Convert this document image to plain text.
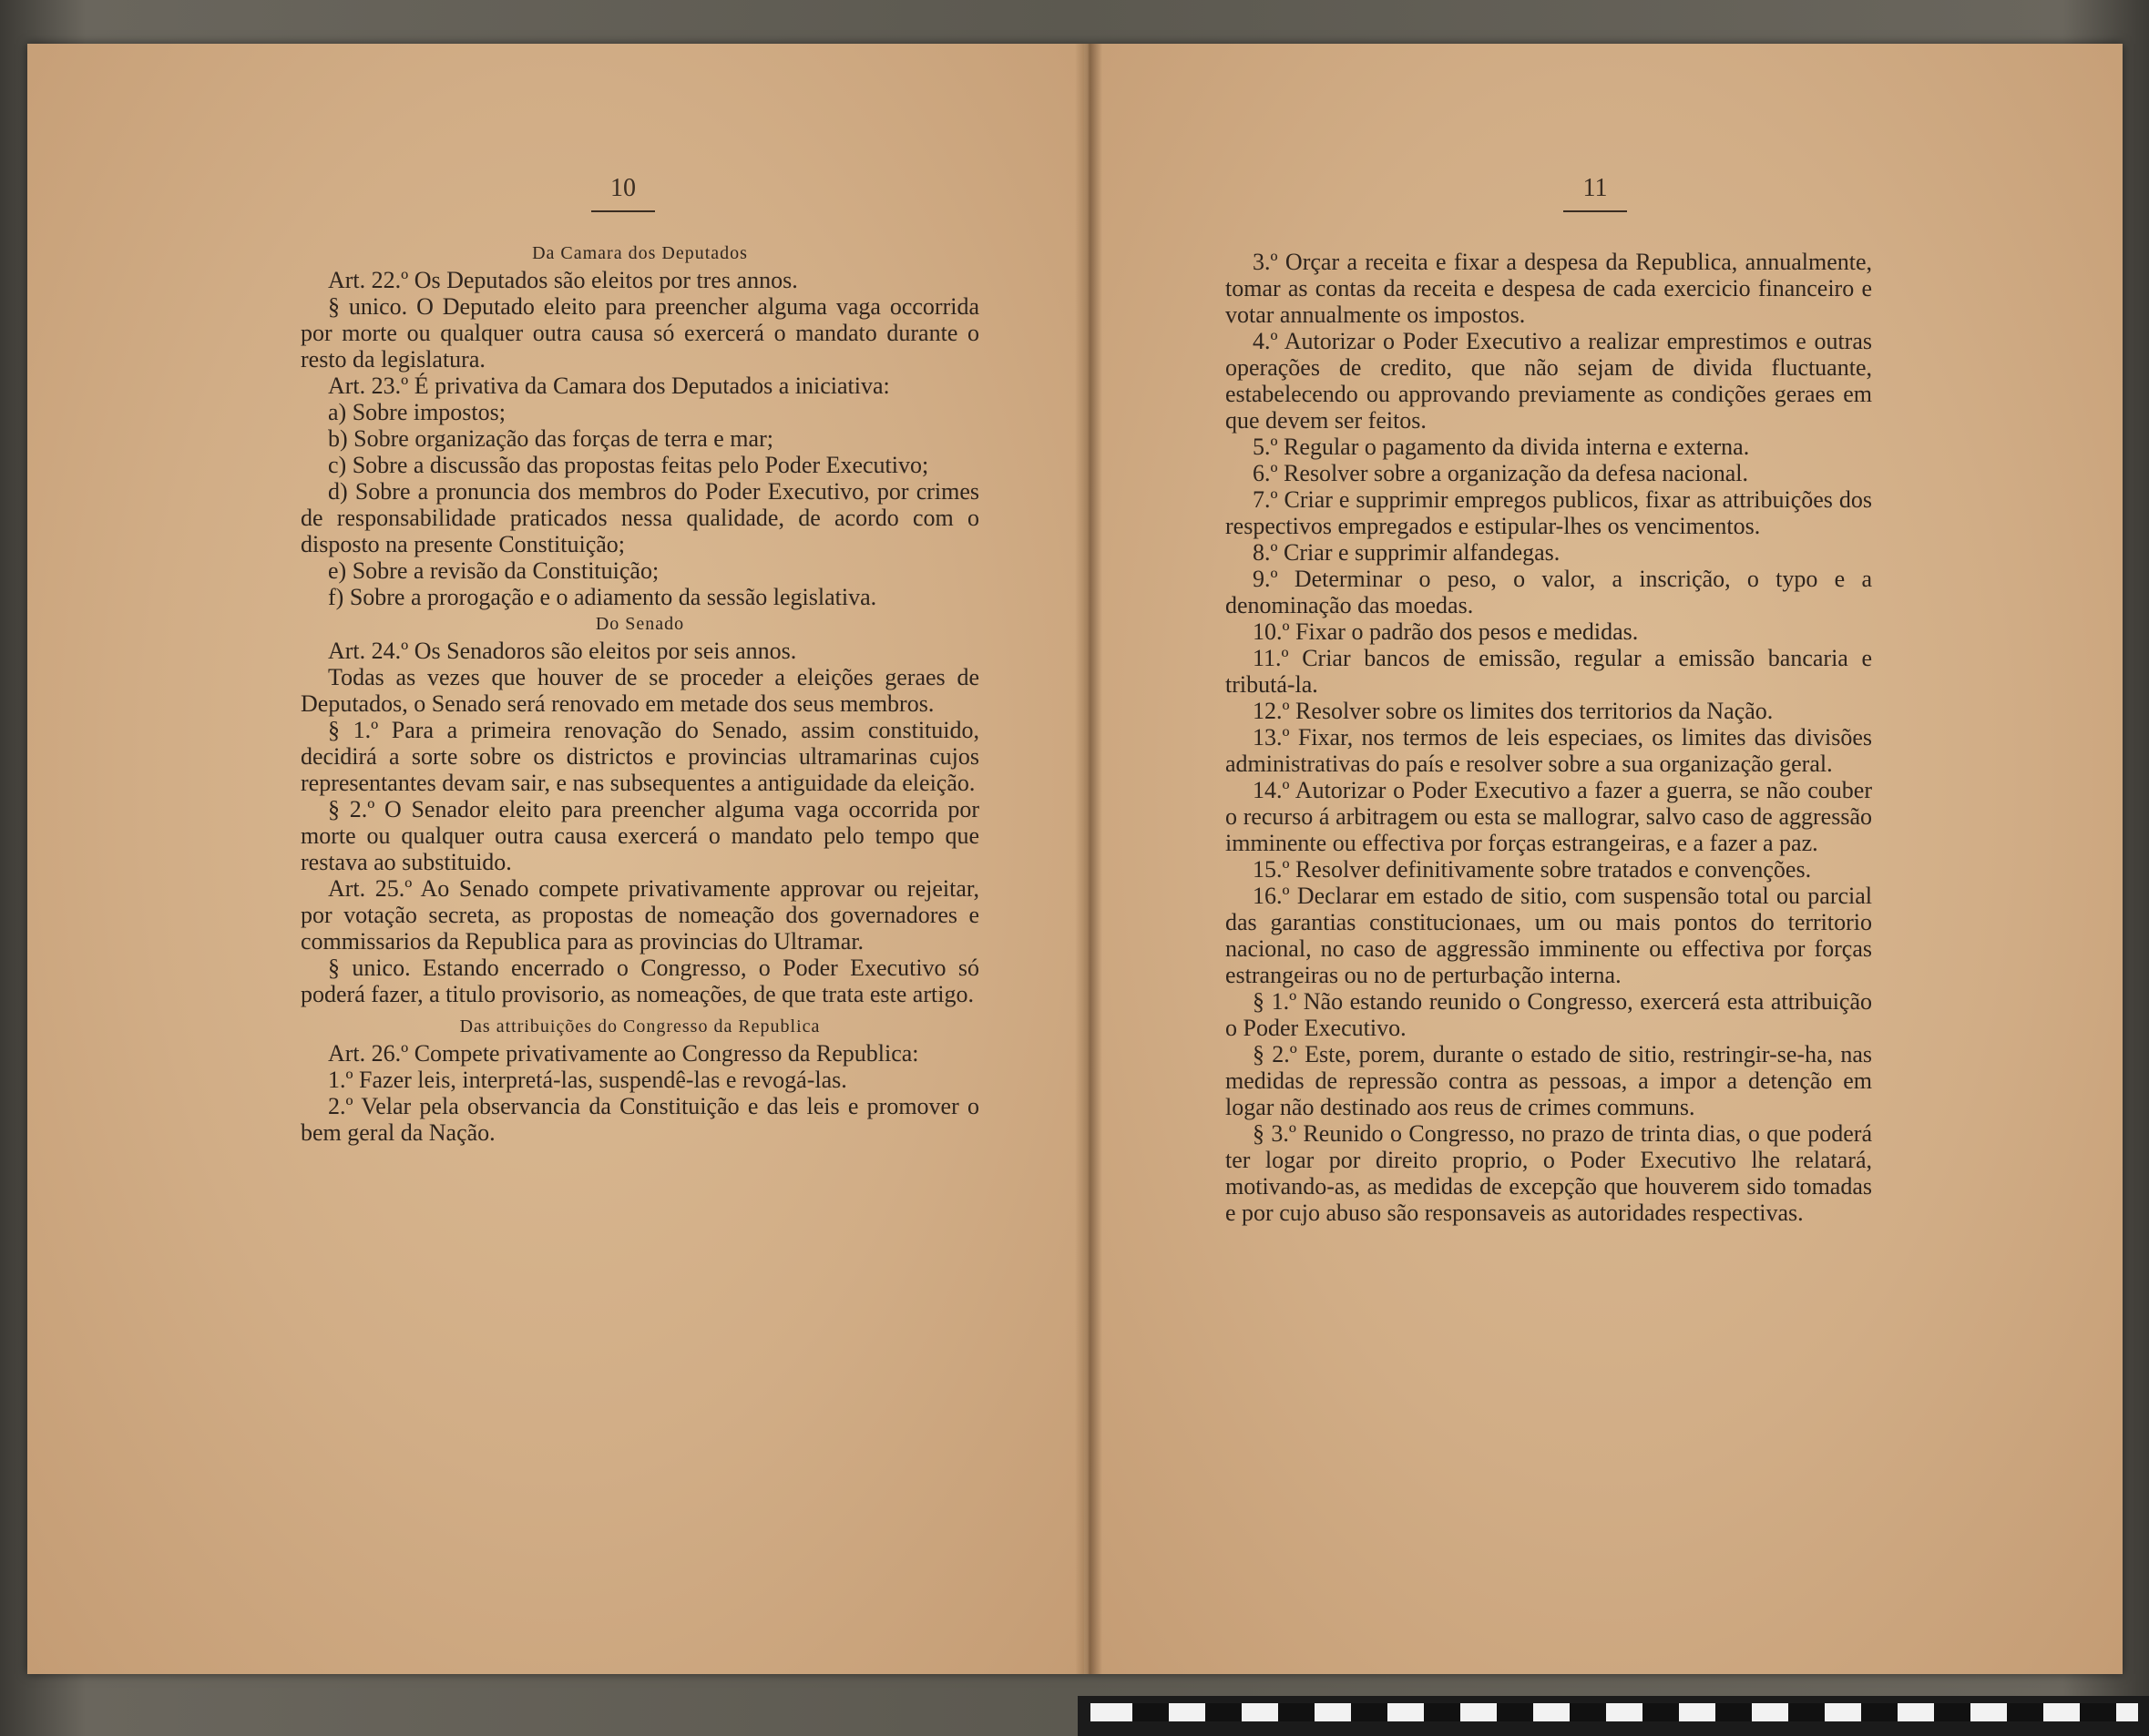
10
Da Camara dos Deputados

Art. 22.º Os Deputados são eleitos por tres annos.

§ unico. O Deputado eleito para preencher alguma vaga occorrida por morte ou qualquer outra causa só exercerá o mandato durante o resto da legislatura.

Art. 23.º É privativa da Camara dos Deputados a iniciativa:

a) Sobre impostos;

b) Sobre organização das forças de terra e mar;

c) Sobre a discussão das propostas feitas pelo Poder Executivo;

d) Sobre a pronuncia dos membros do Poder Executivo, por crimes de responsabilidade praticados nessa qualidade, de acordo com o disposto na presente Constituição;

e) Sobre a revisão da Constituição;

f) Sobre a prorogação e o adiamento da sessão legislativa.

Do Senado

Art. 24.º Os Senadoros são eleitos por seis annos.

Todas as vezes que houver de se proceder a eleições geraes de Deputados, o Senado será renovado em metade dos seus membros.

§ 1.º Para a primeira renovação do Senado, assim constituido, decidirá a sorte sobre os districtos e provincias ultramarinas cujos representantes devam sair, e nas subsequentes a antiguidade da eleição.

§ 2.º O Senador eleito para preencher alguma vaga occorrida por morte ou qualquer outra causa exercerá o mandato pelo tempo que restava ao substituido.

Art. 25.º Ao Senado compete privativamente approvar ou rejeitar, por votação secreta, as propostas de nomeação dos governadores e commissarios da Republica para as provincias do Ultramar.

§ unico. Estando encerrado o Congresso, o Poder Executivo só poderá fazer, a titulo provisorio, as nomeações, de que trata este artigo.

Das attribuições do Congresso da Republica

Art. 26.º Compete privativamente ao Congresso da Republica:

1.º Fazer leis, interpretá-las, suspendê-las e revogá-las.

2.º Velar pela observancia da Constituição e das leis e promover o bem geral da Nação.

11

3.º Orçar a receita e fixar a despesa da Republica, annualmente, tomar as contas da receita e despesa de cada exercicio financeiro e votar annualmente os impostos.

4.º Autorizar o Poder Executivo a realizar emprestimos e outras operações de credito, que não sejam de divida fluctuante, estabelecendo ou approvando previamente as condições geraes em que devem ser feitos.

5.º Regular o pagamento da divida interna e externa.

6.º Resolver sobre a organização da defesa nacional.

7.º Criar e supprimir empregos publicos, fixar as attribuições dos respectivos empregados e estipular-lhes os vencimentos.

8.º Criar e supprimir alfandegas.

9.º Determinar o peso, o valor, a inscrição, o typo e a denominação das moedas.

10.º Fixar o padrão dos pesos e medidas.

11.º Criar bancos de emissão, regular a emissão bancaria e tributá-la.

12.º Resolver sobre os limites dos territorios da Nação.

13.º Fixar, nos termos de leis especiaes, os limites das divisões administrativas do país e resolver sobre a sua organização geral.

14.º Autorizar o Poder Executivo a fazer a guerra, se não couber o recurso á arbitragem ou esta se mallograr, salvo caso de aggressão imminente ou effectiva por forças estrangeiras, e a fazer a paz.

15.º Resolver definitivamente sobre tratados e convenções.

16.º Declarar em estado de sitio, com suspensão total ou parcial das garantias constitucionaes, um ou mais pontos do territorio nacional, no caso de aggressão imminente ou effectiva por forças estrangeiras ou no de perturbação interna.

§ 1.º Não estando reunido o Congresso, exercerá esta attribuição o Poder Executivo.

§ 2.º Este, porem, durante o estado de sitio, restringir-se-ha, nas medidas de repressão contra as pessoas, a impor a detenção em logar não destinado aos reus de crimes communs.

§ 3.º Reunido o Congresso, no prazo de trinta dias, o que poderá ter logar por direito proprio, o Poder Executivo lhe relatará, motivando-as, as medidas de excepção que houverem sido tomadas e por cujo abuso são responsaveis as autoridades respectivas.
